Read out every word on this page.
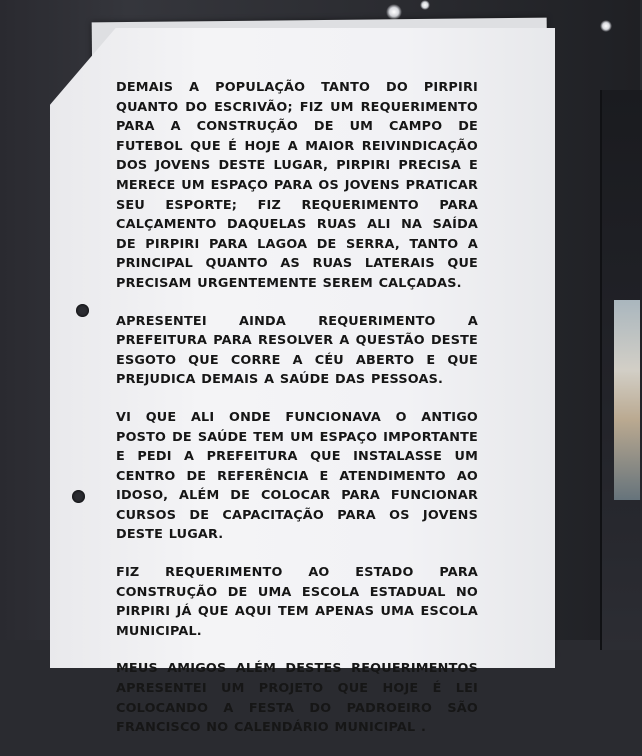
DEMAIS A POPULAÇÃO TANTO DO PIRPIRI QUANTO DO ESCRIVÃO; FIZ UM REQUERIMENTO PARA A CONSTRUÇÃO DE UM CAMPO DE FUTEBOL QUE É HOJE A MAIOR REIVINDICAÇÃO DOS JOVENS DESTE LUGAR, PIRPIRI PRECISA E MERECE UM ESPAÇO PARA OS JOVENS PRATICAR SEU ESPORTE; FIZ REQUERIMENTO PARA CALÇAMENTO DAQUELAS RUAS ALI NA SAÍDA DE PIRPIRI PARA LAGOA DE SERRA, TANTO A PRINCIPAL QUANTO AS RUAS LATERAIS QUE PRECISAM URGENTEMENTE SEREM CALÇADAS.

APRESENTEI AINDA REQUERIMENTO A PREFEITURA PARA RESOLVER A QUESTÃO DESTE ESGOTO QUE CORRE A CÉU ABERTO E QUE PREJUDICA DEMAIS A SAÚDE DAS PESSOAS.

VI QUE ALI ONDE FUNCIONAVA O ANTIGO POSTO DE SAÚDE TEM UM ESPAÇO IMPORTANTE E PEDI A PREFEITURA QUE INSTALASSE UM CENTRO DE REFERÊNCIA E ATENDIMENTO AO IDOSO, ALÉM DE COLOCAR PARA FUNCIONAR CURSOS DE CAPACITAÇÃO PARA OS JOVENS DESTE LUGAR.

FIZ REQUERIMENTO AO ESTADO PARA CONSTRUÇÃO DE UMA ESCOLA ESTADUAL NO PIRPIRI JÁ QUE AQUI TEM APENAS UMA ESCOLA MUNICIPAL.

MEUS AMIGOS ALÉM DESTES REQUERIMENTOS APRESENTEI UM PROJETO QUE HOJE É LEI COLOCANDO A FESTA DO PADROEIRO SÃO FRANCISCO NO CALENDÁRIO MUNICIPAL .
